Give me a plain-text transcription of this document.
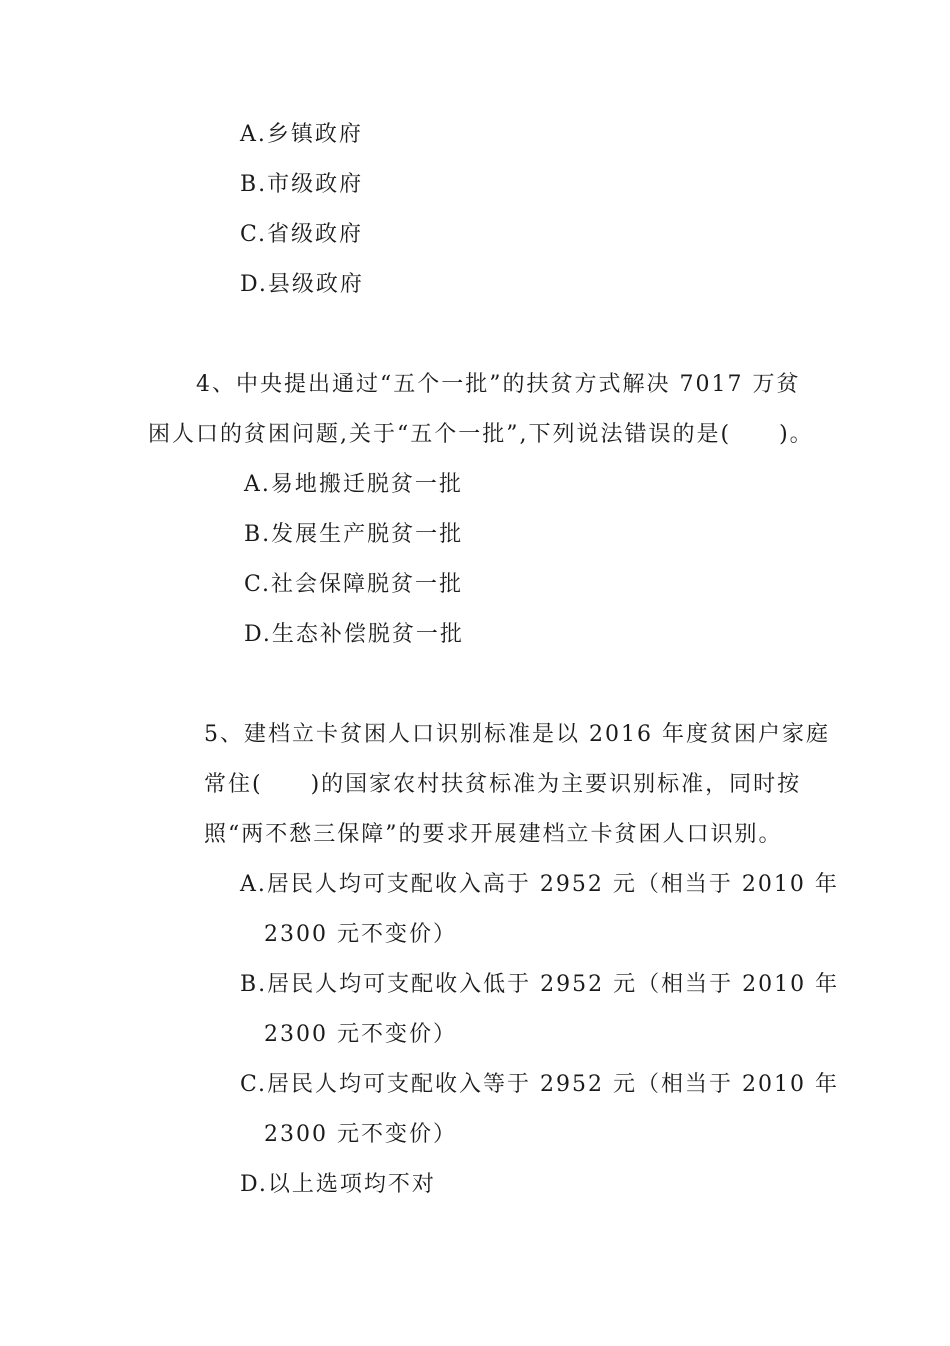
A.乡镇政府
B.市级政府
C.省级政府
D.县级政府
4、中央提出通过“五个一批”的扶贫方式解决 7017 万贫
困人口的贫困问题,关于“五个一批”,下列说法错误的是(　　)。
A.易地搬迁脱贫一批
B.发展生产脱贫一批
C.社会保障脱贫一批
D.生态补偿脱贫一批
5、建档立卡贫困人口识别标准是以 2016 年度贫困户家庭
常住(　　)的国家农村扶贫标准为主要识别标准，同时按
照“两不愁三保障”的要求开展建档立卡贫困人口识别。
A.居民人均可支配收入高于 2952 元（相当于 2010 年
2300 元不变价）
B.居民人均可支配收入低于 2952 元（相当于 2010 年
2300 元不变价）
C.居民人均可支配收入等于 2952 元（相当于 2010 年
2300 元不变价）
D.以上选项均不对
